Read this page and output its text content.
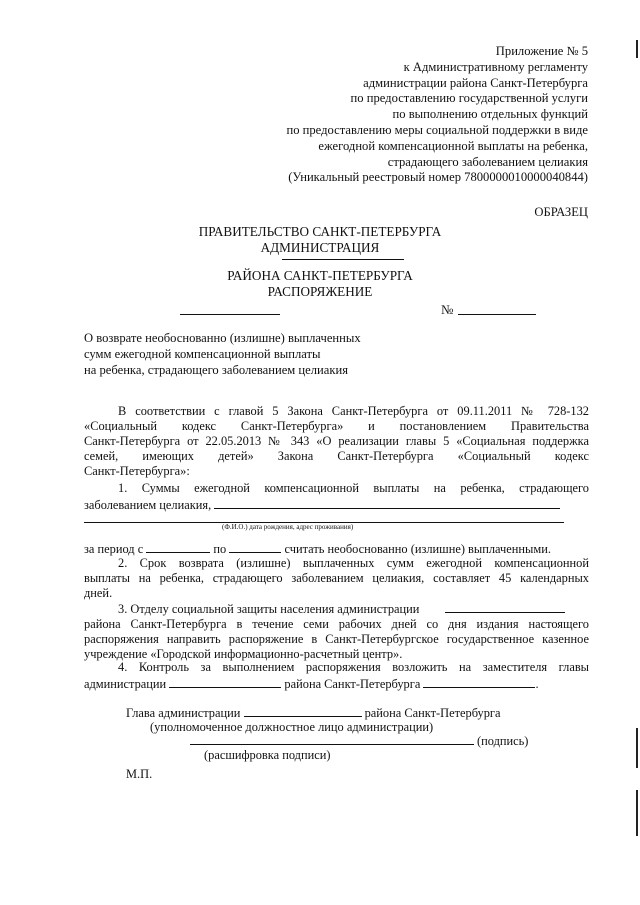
Приложение № 5
к Административному регламенту
администрации района Санкт-Петербурга
по предоставлению государственной услуги
по выполнению отдельных функций
по предоставлению меры социальной поддержки в виде
ежегодной компенсационной выплаты на ребенка,
страдающего заболеванием целиакия
(Уникальный реестровый номер 7800000010000040844)
ОБРАЗЕЦ
ПРАВИТЕЛЬСТВО САНКТ-ПЕТЕРБУРГА
АДМИНИСТРАЦИЯ
РАЙОНА САНКТ-ПЕТЕРБУРГА
РАСПОРЯЖЕНИЕ
№
О возврате необоснованно (излишне) выплаченных
сумм ежегодной компенсационной выплаты
на ребенка, страдающего заболеванием целиакия
В соответствии с главой 5 Закона Санкт-Петербурга от 09.11.2011 № 728-132
«Социальный кодекс Санкт-Петербурга» и постановлением Правительства
Санкт-Петербурга от 22.05.2013 № 343 «О реализации главы 5 «Социальная поддержка
семей, имеющих детей» Закона Санкт-Петербурга «Социальный кодекс
Санкт-Петербурга»:
1. Суммы ежегодной компенсационной выплаты на ребенка, страдающего
заболеванием целиакия,
(Ф.И.О.) дата рождения, адрес проживания)
за период с	по	считать необоснованно (излишне) выплаченными.
2. Срок возврата (излишне) выплаченных сумм ежегодной компенсационной
выплаты на ребенка, страдающего заболеванием целиакия, составляет 45 календарных
дней.
3. Отделу социальной защиты населения администрации
района Санкт-Петербурга в течение семи рабочих дней со дня издания настоящего
распоряжения направить распоряжение в Санкт-Петербургское государственное казенное
учреждение «Городской информационно-расчетный центр».
4. Контроль за выполнением распоряжения возложить на заместителя главы
администрации	района Санкт-Петербурга	.
Глава администрации	района Санкт-Петербурга
(уполномоченное должностное лицо администрации)
(подпись)
(расшифровка подписи)
М.П.
